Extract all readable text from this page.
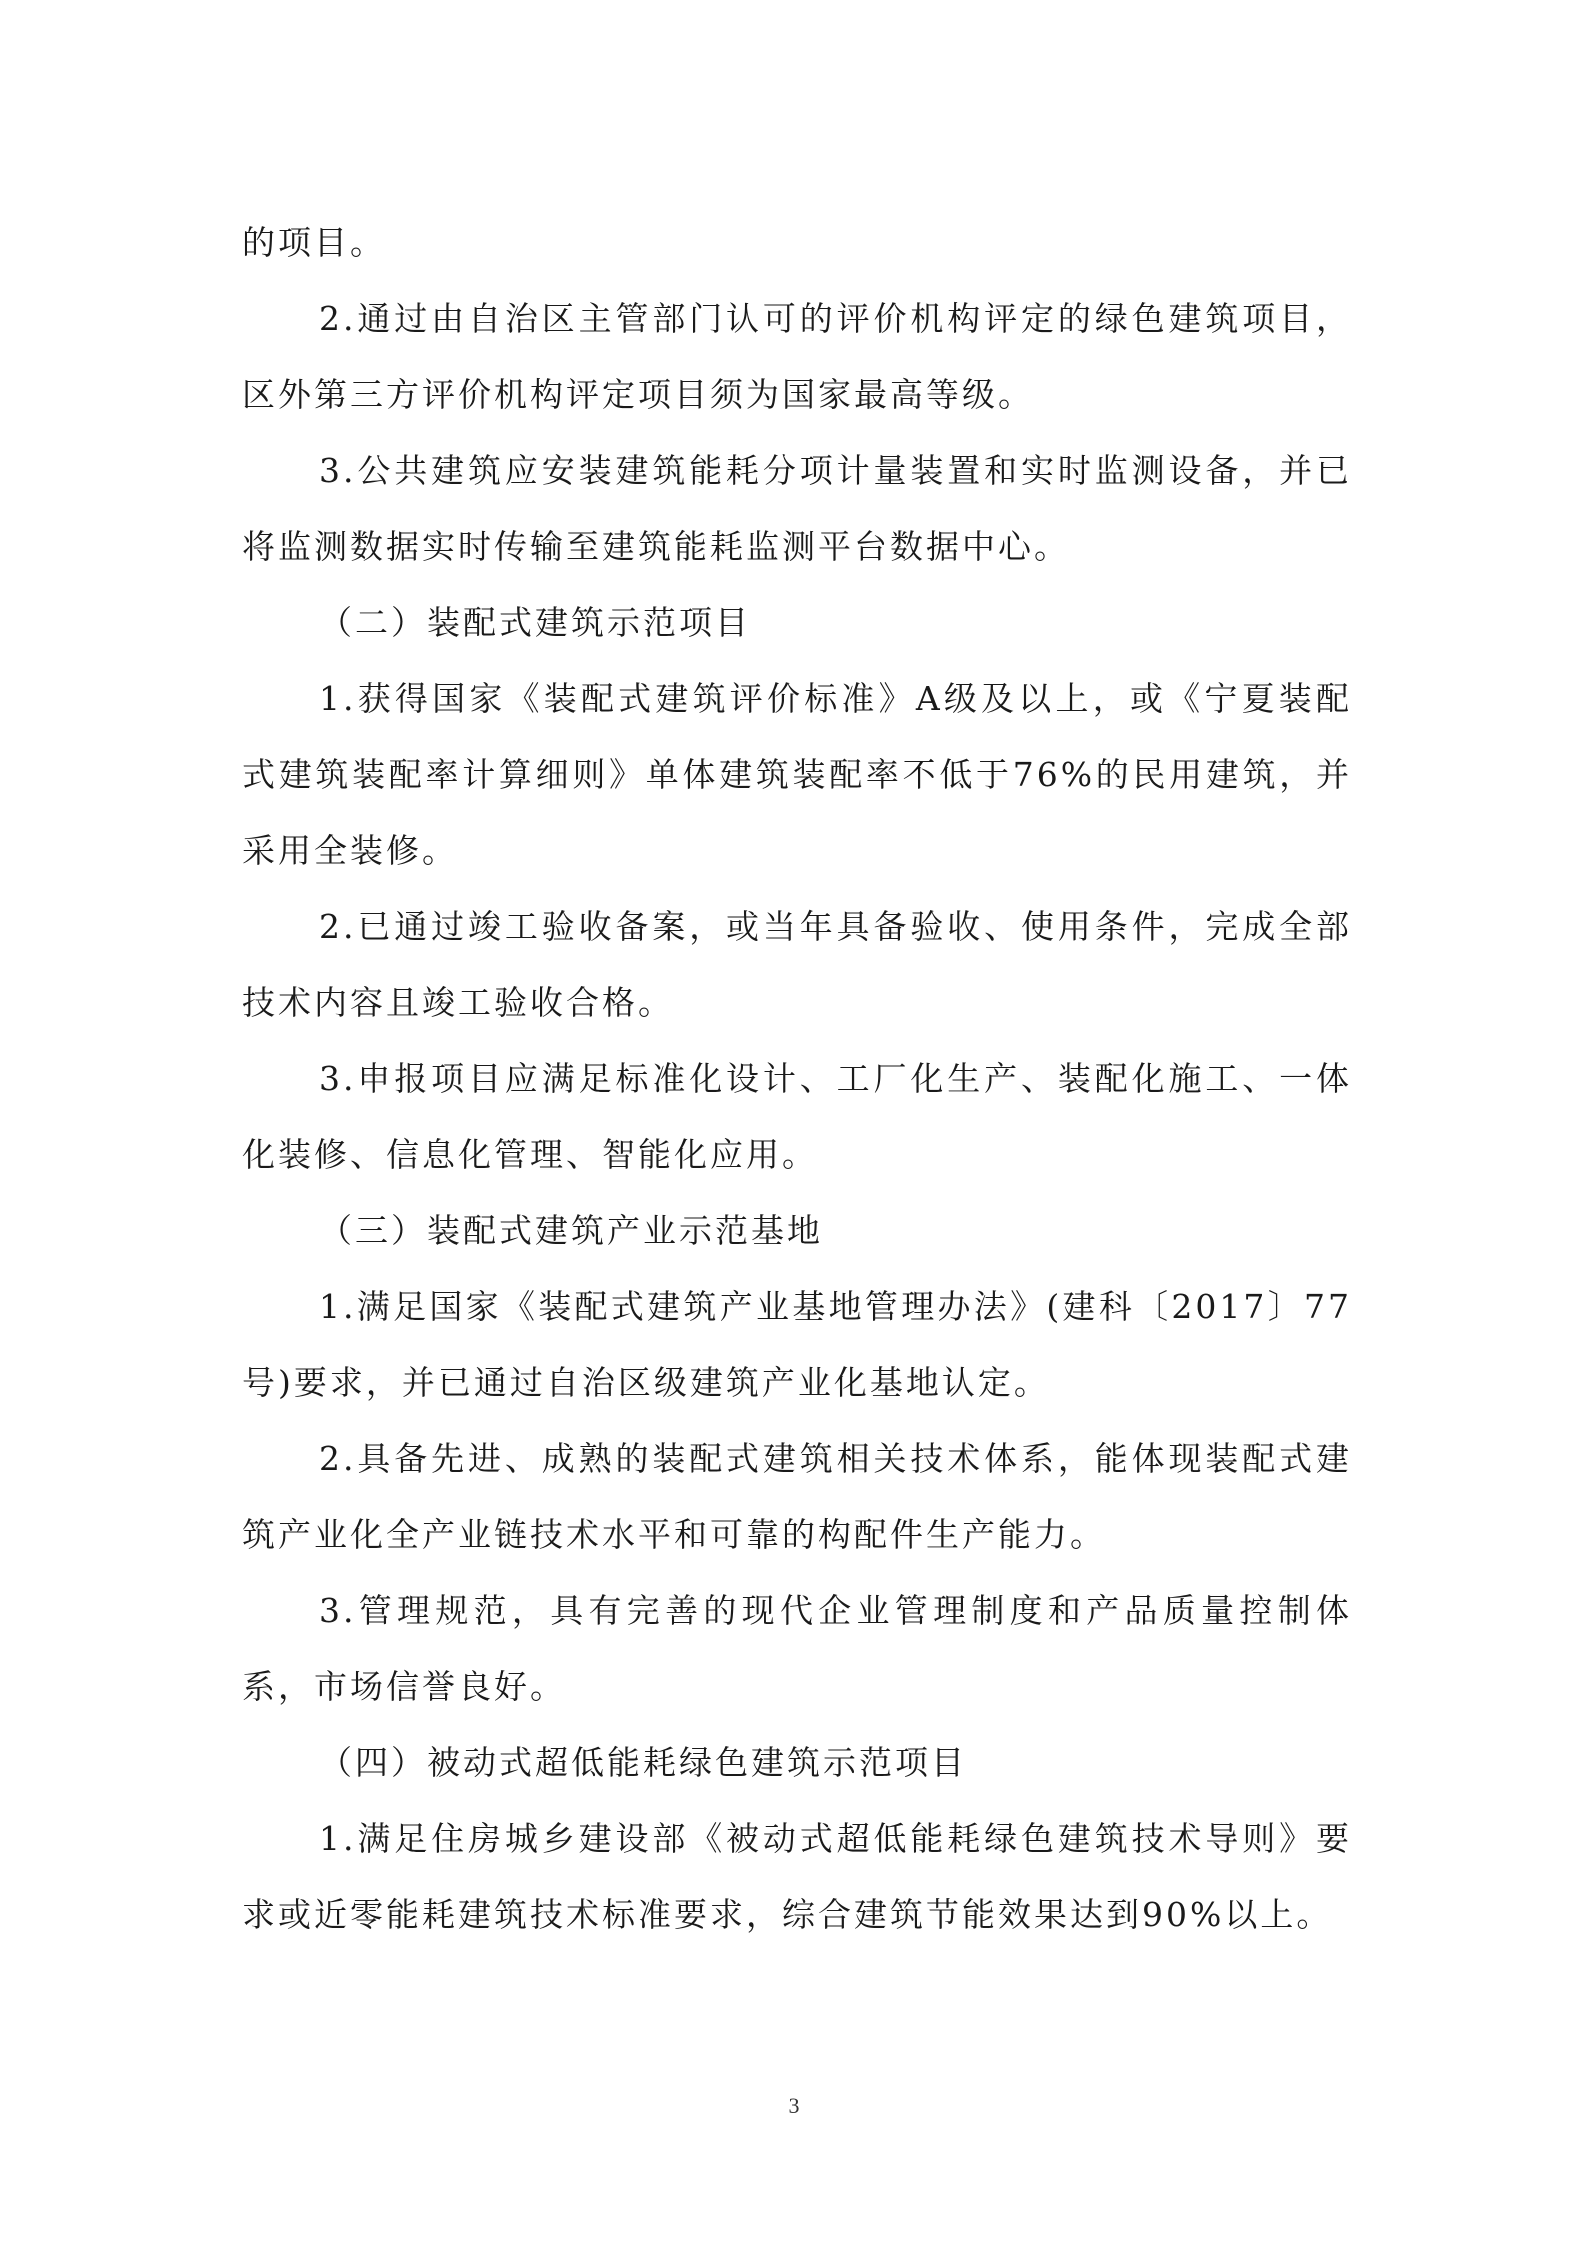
的项目。

2.通过由自治区主管部门认可的评价机构评定的绿色建筑项目，区外第三方评价机构评定项目须为国家最高等级。

3.公共建筑应安装建筑能耗分项计量装置和实时监测设备，并已将监测数据实时传输至建筑能耗监测平台数据中心。

（二）装配式建筑示范项目

1.获得国家《装配式建筑评价标准》A级及以上，或《宁夏装配式建筑装配率计算细则》单体建筑装配率不低于76%的民用建筑，并采用全装修。

2.已通过竣工验收备案，或当年具备验收、使用条件，完成全部技术内容且竣工验收合格。

3.申报项目应满足标准化设计、工厂化生产、装配化施工、一体化装修、信息化管理、智能化应用。

（三）装配式建筑产业示范基地

1.满足国家《装配式建筑产业基地管理办法》(建科〔2017〕77号)要求，并已通过自治区级建筑产业化基地认定。

2.具备先进、成熟的装配式建筑相关技术体系，能体现装配式建筑产业化全产业链技术水平和可靠的构配件生产能力。

3.管理规范，具有完善的现代企业管理制度和产品质量控制体系，市场信誉良好。

（四）被动式超低能耗绿色建筑示范项目

1.满足住房城乡建设部《被动式超低能耗绿色建筑技术导则》要求或近零能耗建筑技术标准要求，综合建筑节能效果达到90%以上。

3
